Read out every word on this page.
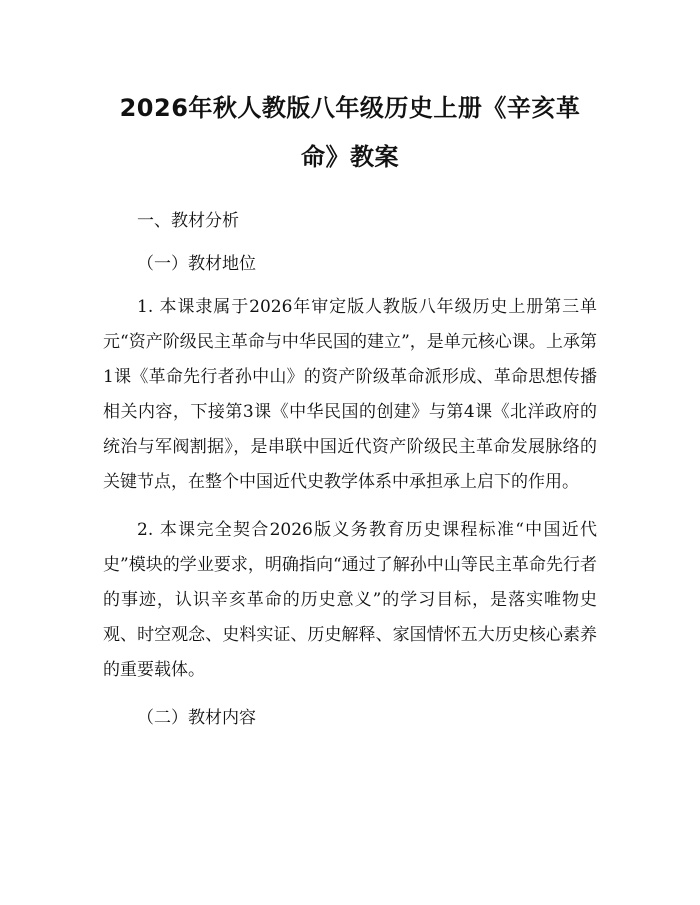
2026年秋人教版八年级历史上册《辛亥革
命》教案

一、教材分析

（一）教材地位

1. 本课隶属于2026年审定版人教版八年级历史上册第三单元“资产阶级民主革命与中华民国的建立”，是单元核心课。上承第1课《革命先行者孙中山》的资产阶级革命派形成、革命思想传播相关内容，下接第3课《中华民国的创建》与第4课《北洋政府的统治与军阀割据》，是串联中国近代资产阶级民主革命发展脉络的关键节点，在整个中国近代史教学体系中承担承上启下的作用。

2. 本课完全契合2026版义务教育历史课程标准“中国近代史”模块的学业要求，明确指向“通过了解孙中山等民主革命先行者的事迹，认识辛亥革命的历史意义”的学习目标，是落实唯物史观、时空观念、史料实证、历史解释、家国情怀五大历史核心素养的重要载体。

（二）教材内容
